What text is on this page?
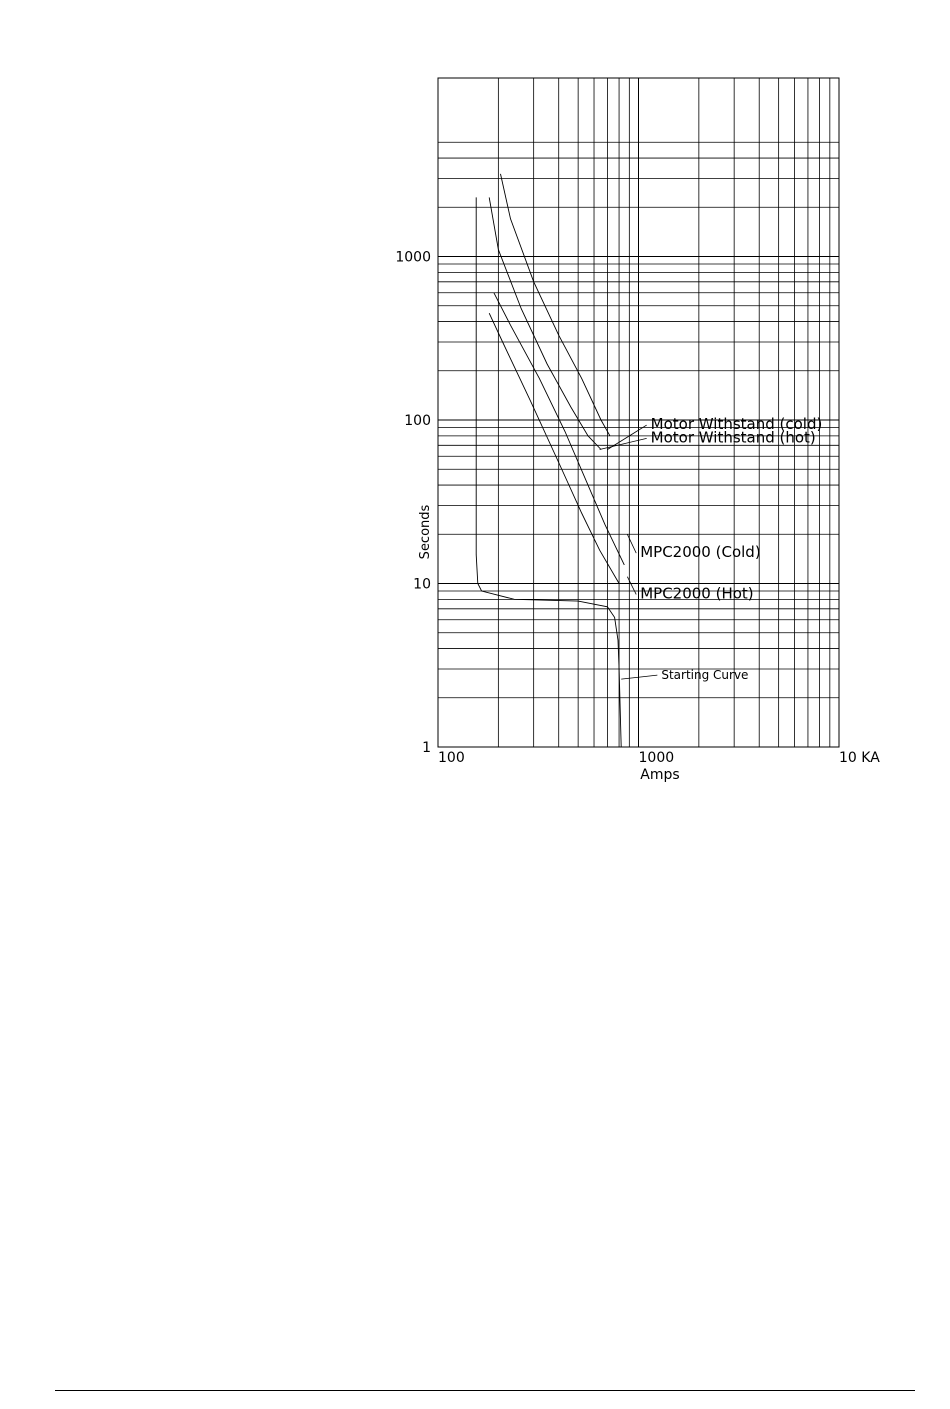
Motor Withstand (cold)
Motor Withstand (hot)
MPC2000 (Cold)
MPC2000 (Hot)
Starting Curve
100	1000	10 KA
1
10
100
1000
Amps
Seconds
